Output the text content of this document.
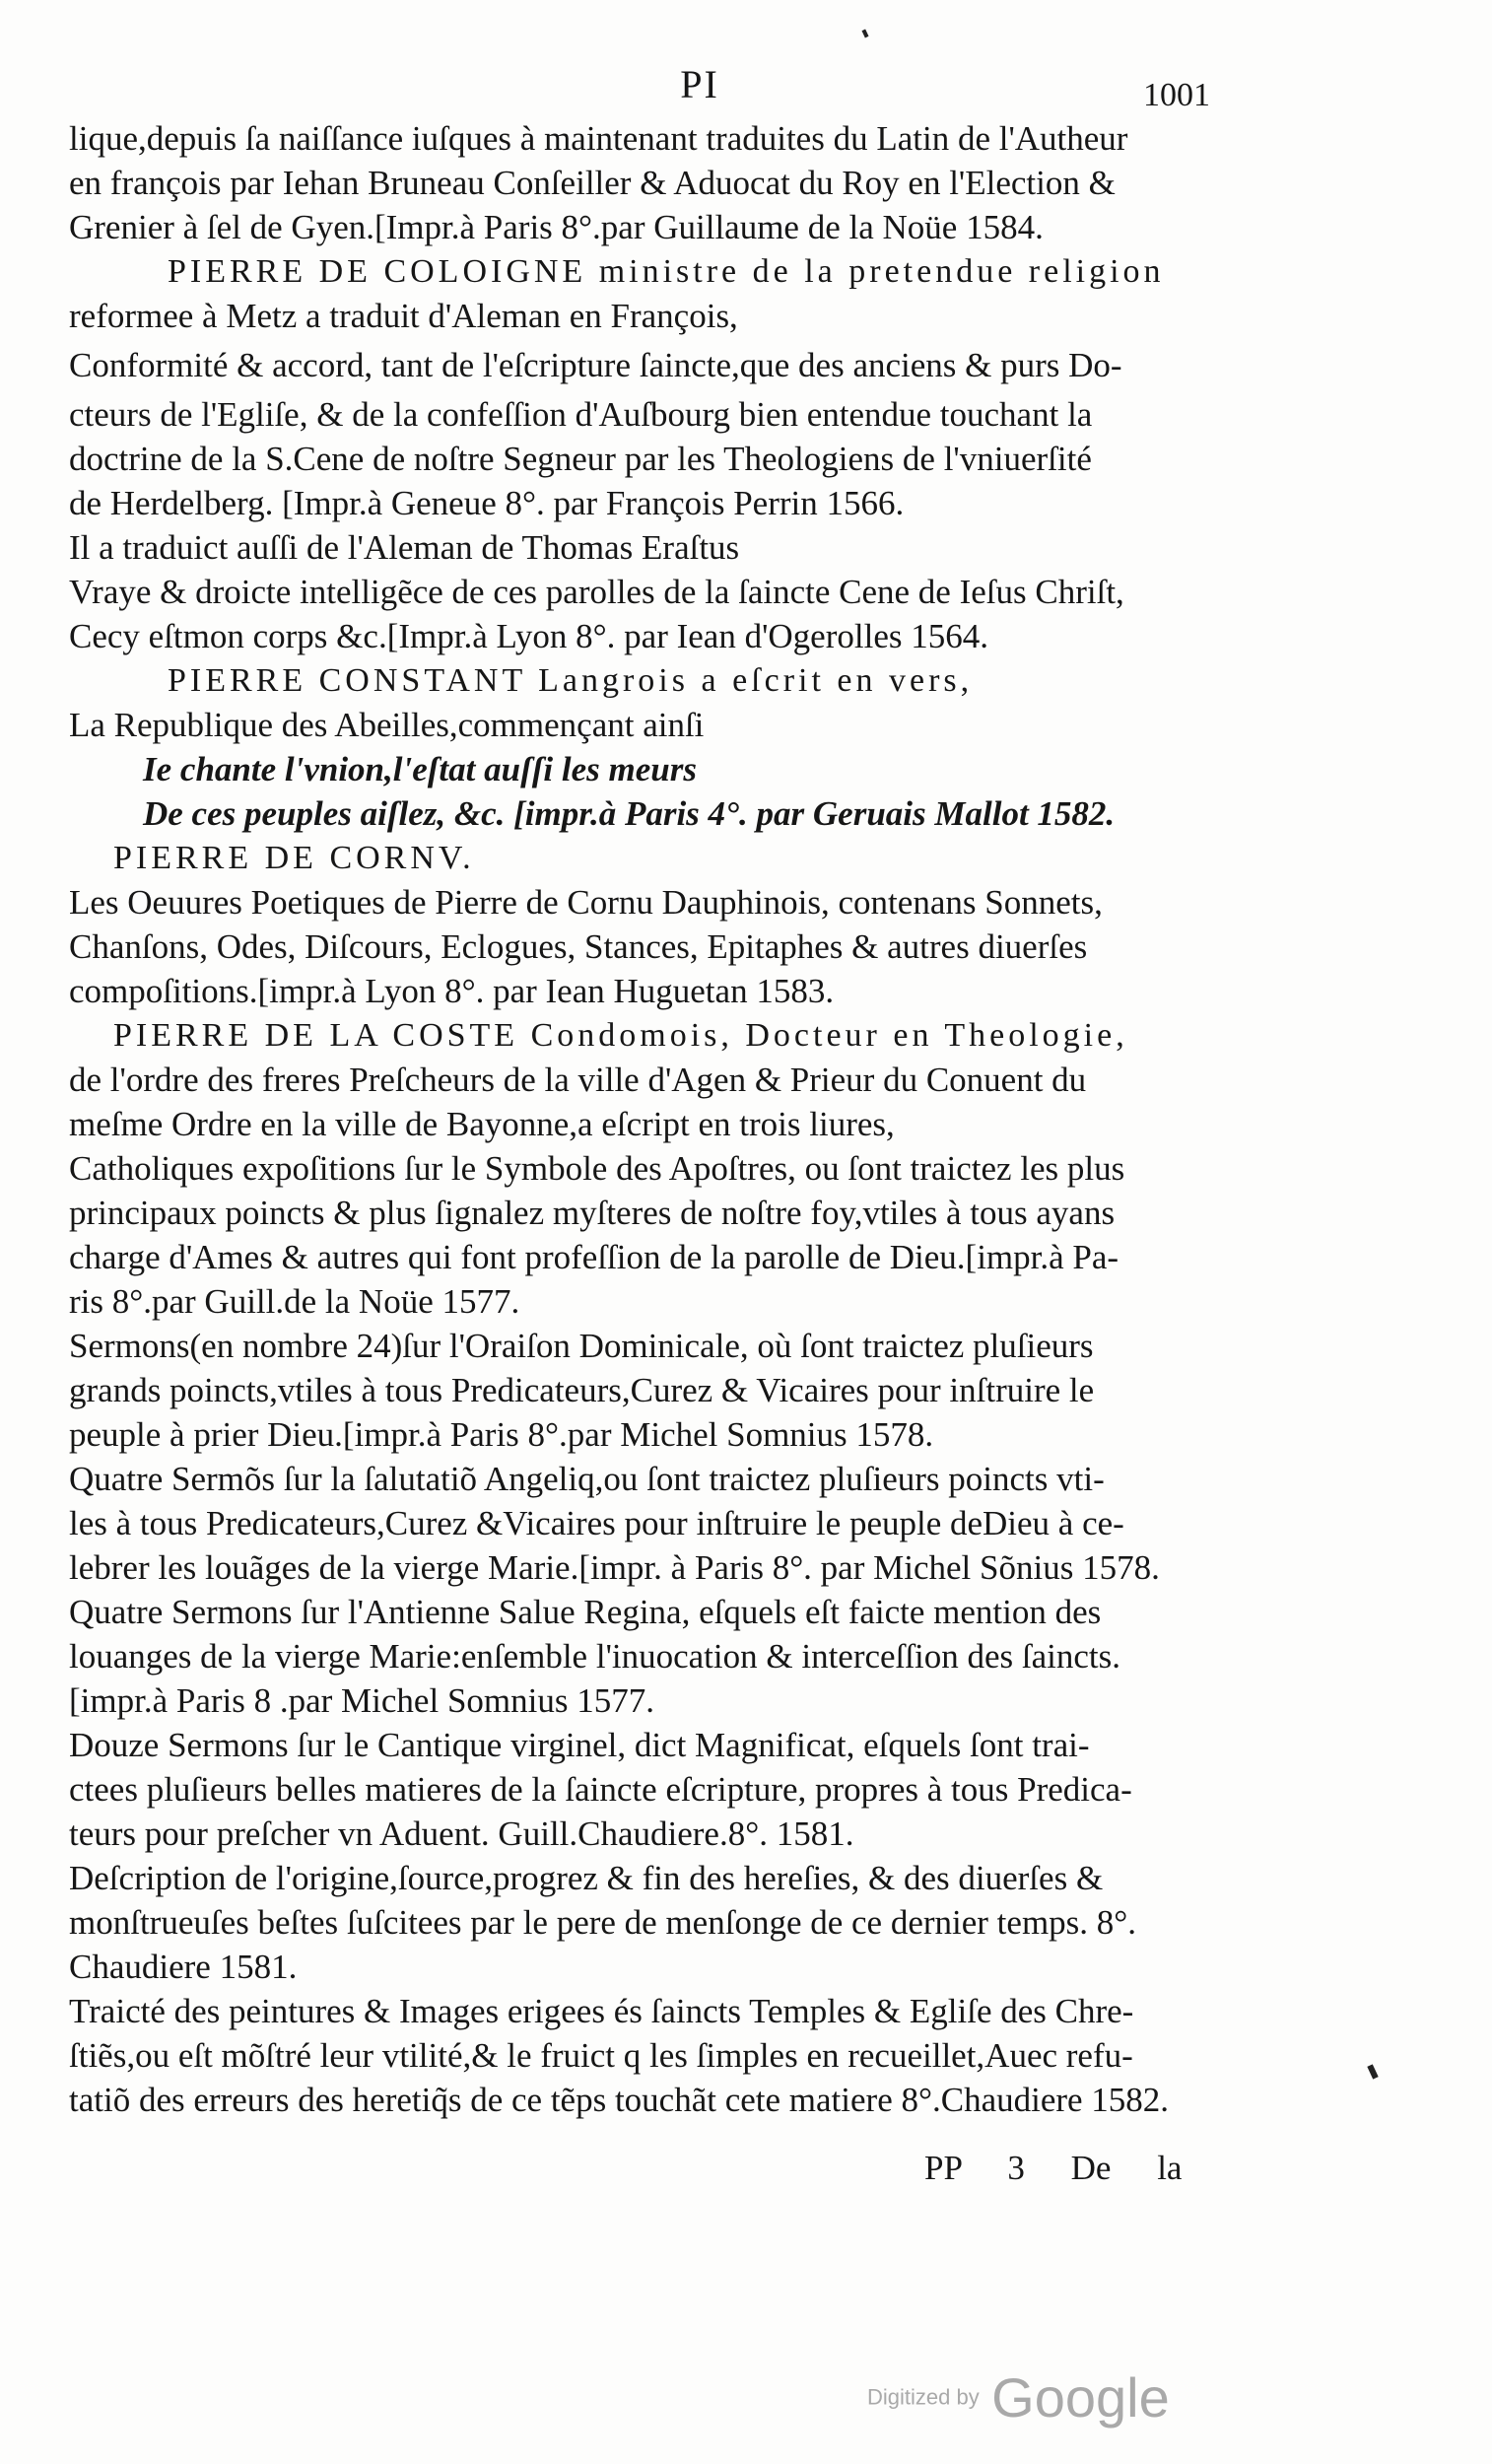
PI	1001
lique,depuis ſa naiſſance iuſques à maintenant traduites du Latin de l'Autheur
en françois par Iehan Bruneau Conſeiller & Aduocat du Roy en l'Election &
Grenier à ſel de Gyen.[Impr.à Paris 8°.par Guillaume de la Noüe 1584.
PIERRE DE COLOIGNE ministre de la pretendue religion
reformee à Metz a traduit d'Aleman en François,
Conformité & accord, tant de l'eſcripture ſaincte,que des anciens & purs Do-
cteurs de l'Egliſe, & de la confeſſion d'Auſbourg bien entendue touchant la
doctrine de la S.Cene de noſtre Segneur par les Theologiens de l'vniuerſité
de Herdelberg. [Impr.à Geneue 8°. par François Perrin 1566.
Il a traduict auſſi de l'Aleman de Thomas Eraſtus
Vraye & droicte intelligẽce de ces parolles de la ſaincte Cene de Ieſus Chriſt,
Cecy eſtmon corps &c.[Impr.à Lyon 8°. par Iean d'Ogerolles 1564.
PIERRE CONSTANT Langrois a eſcrit en vers,
La Republique des Abeilles,commençant ainſi
Ie chante l'vnion,l'eſtat auſſi les meurs
De ces peuples aiſlez, &c. [impr.à Paris 4°. par Geruais Mallot 1582.
PIERRE DE CORNV.
Les Oeuures Poetiques de Pierre de Cornu Dauphinois, contenans Sonnets,
Chanſons, Odes, Diſcours, Eclogues, Stances, Epitaphes & autres diuerſes
compoſitions.[impr.à Lyon 8°. par Iean Huguetan 1583.
PIERRE DE LA COSTE Condomois, Docteur en Theologie,
de l'ordre des freres Preſcheurs de la ville d'Agen & Prieur du Conuent du
meſme Ordre en la ville de Bayonne,a eſcript en trois liures,
Catholiques expoſitions ſur le Symbole des Apoſtres, ou ſont traictez les plus
principaux poincts & plus ſignalez myſteres de noſtre foy,vtiles à tous ayans
charge d'Ames & autres qui font profeſſion de la parolle de Dieu.[impr.à Pa-
ris 8°.par Guill.de la Noüe 1577.
Sermons(en nombre 24)ſur l'Oraiſon Dominicale, où ſont traictez pluſieurs
grands poincts,vtiles à tous Predicateurs,Curez & Vicaires pour inſtruire le
peuple à prier Dieu.[impr.à Paris 8°.par Michel Somnius 1578.
Quatre Sermõs ſur la ſalutatiõ Angeliq,ou ſont traictez pluſieurs poincts vti-
les à tous Predicateurs,Curez &Vicaires pour inſtruire le peuple deDieu à ce-
lebrer les louãges de la vierge Marie.[impr. à Paris 8°. par Michel Sõnius 1578.
Quatre Sermons ſur l'Antienne Salue Regina, eſquels eſt faicte mention des
louanges de la vierge Marie:enſemble l'inuocation & interceſſion des ſaincts.
[impr.à Paris 8 .par Michel Somnius 1577.
Douze Sermons ſur le Cantique virginel, dict Magnificat, eſquels ſont trai-
ctees pluſieurs belles matieres de la ſaincte eſcripture, propres à tous Predica-
teurs pour preſcher vn Aduent. Guill.Chaudiere.8°. 1581.
Deſcription de l'origine,ſource,progrez & fin des hereſies, & des diuerſes &
monſtrueuſes beſtes ſuſcitees par le pere de menſonge de ce dernier temps. 8°.
Chaudiere 1581.
Traicté des peintures & Images erigees és ſaincts Temples & Egliſe des Chre-
ſtiẽs,ou eſt mõſtré leur vtilité,& le fruict q les ſimples en recueillet,Auec refu-
tatiõ des erreurs des heretiq̃s de ce tẽps touchãt cete matiere 8°.Chaudiere 1582.
PP 3 De la
Digitized by Google
